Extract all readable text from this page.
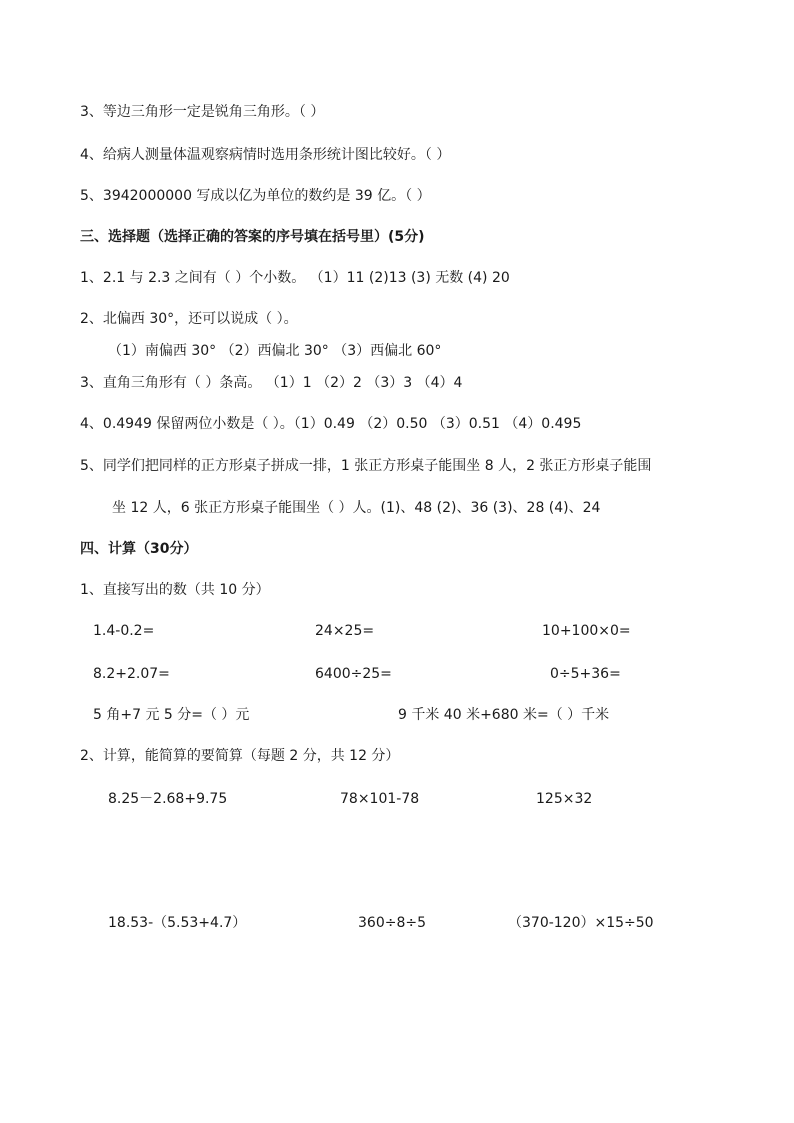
3、等边三角形一定是锐角三角形。（ ）
4、给病人测量体温观察病情时选用条形统计图比较好。（ ）
5、3942000000 写成以亿为单位的数约是 39 亿。（ ）
三、选择题（选择正确的答案的序号填在括号里）(5分)
1、2.1 与 2.3 之间有（ ）个小数。 （1）11 (2)13 (3) 无数 (4) 20
2、北偏西 30°，还可以说成（ ）。
（1）南偏西 30° （2）西偏北 30° （3）西偏北 60°
3、直角三角形有（ ）条高。 （1）1 （2）2 （3）3 （4）4
4、0.4949 保留两位小数是（ ）。（1）0.49 （2）0.50 （3）0.51 （4）0.495
5、同学们把同样的正方形桌子拼成一排，1 张正方形桌子能围坐 8 人，2 张正方形桌子能围
坐 12 人，6 张正方形桌子能围坐（ ）人。(1)、48 (2)、36 (3)、28 (4)、24
四、计算（30分）
1、直接写出的数（共 10 分）
1.4-0.2=	24×25=	10+100×0=
8.2+2.07=	6400÷25=	0÷5+36=
5 角+7 元 5 分=（ ）元	9 千米 40 米+680 米=（ ）千米
2、计算，能简算的要简算（每题 2 分，共 12 分）
8.25－2.68+9.75	78×101-78	125×32
18.53-（5.53+4.7）	360÷8÷5	（370-120）×15÷50
